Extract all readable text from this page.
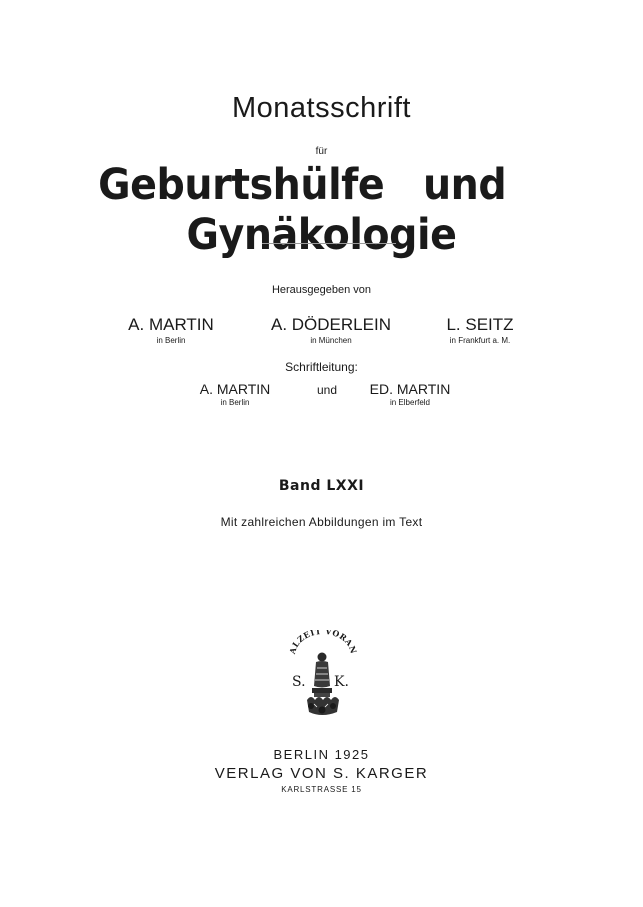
Monatsschrift
für
Geburtshülfe undGynäkologie
Herausgegeben von
A. MARTIN
in Berlin
A. DÖDERLEIN
in München
L. SEITZ
in Frankfurt a. M.
Schriftleitung:
A. MARTIN
in Berlin
und	ED. MARTIN
in Elberfeld
Band LXXI
Mit zahlreichen Abbildungen im Text
ALZEIT VORAN
S. K.
BERLIN 1925
VERLAG VON S. KARGER
KARLSTRASSE 15
